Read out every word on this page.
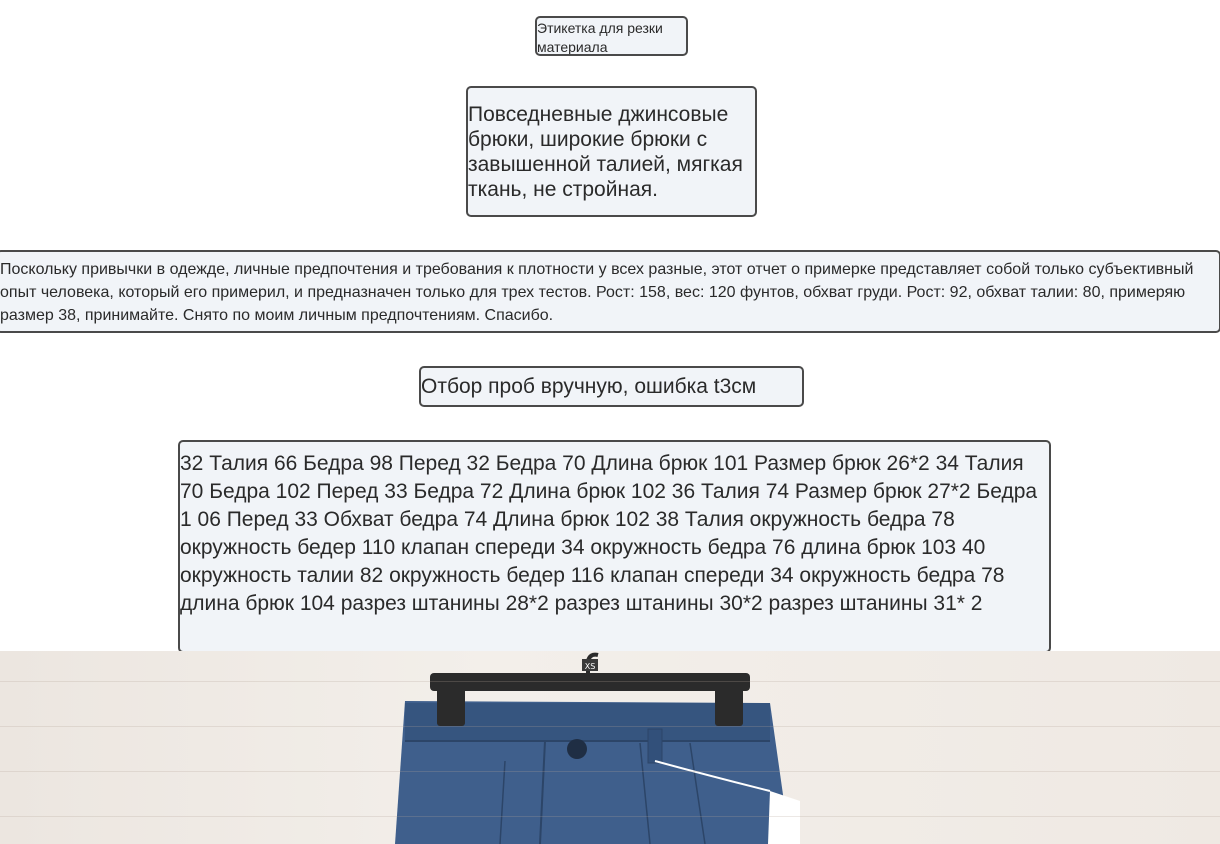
Этикетка для резки материала
Повседневные джинсовые брюки, широкие брюки с завышенной талией, мягкая ткань, не стройная.
Поскольку привычки в одежде, личные предпочтения и требования к плотности у всех разные, этот отчет о примерке представляет собой только субъективный опыт человека, который его примерил, и предназначен только для трех тестов. Рост: 158, вес: 120 фунтов, обхват груди. Рост: 92, обхват талии: 80, примеряю размер 38, принимайте. Снято по моим личным предпочтениям. Спасибо.
Отбор проб вручную, ошибка t3см
32 Талия 66 Бедра 98 Перед 32 Бедра 70 Длина брюк 101 Размер брюк 26*2 34 Талия 70 Бедра 102 Перед 33 Бедра 72 Длина брюк 102 36 Талия 74 Размер брюк 27*2 Бедра 1 06 Перед 33 Обхват бедра 74 Длина брюк 102 38 Талия окружность бедра 78 окружность бедер 110 клапан спереди 34 окружность бедра 76 длина брюк 103 40 окружность талии 82 окружность бедер 116 клапан спереди 34 окружность бедра 78 длина брюк 104 разрез штанины 28*2 разрез штанины 30*2 разрез штанины 31* 2
XS
